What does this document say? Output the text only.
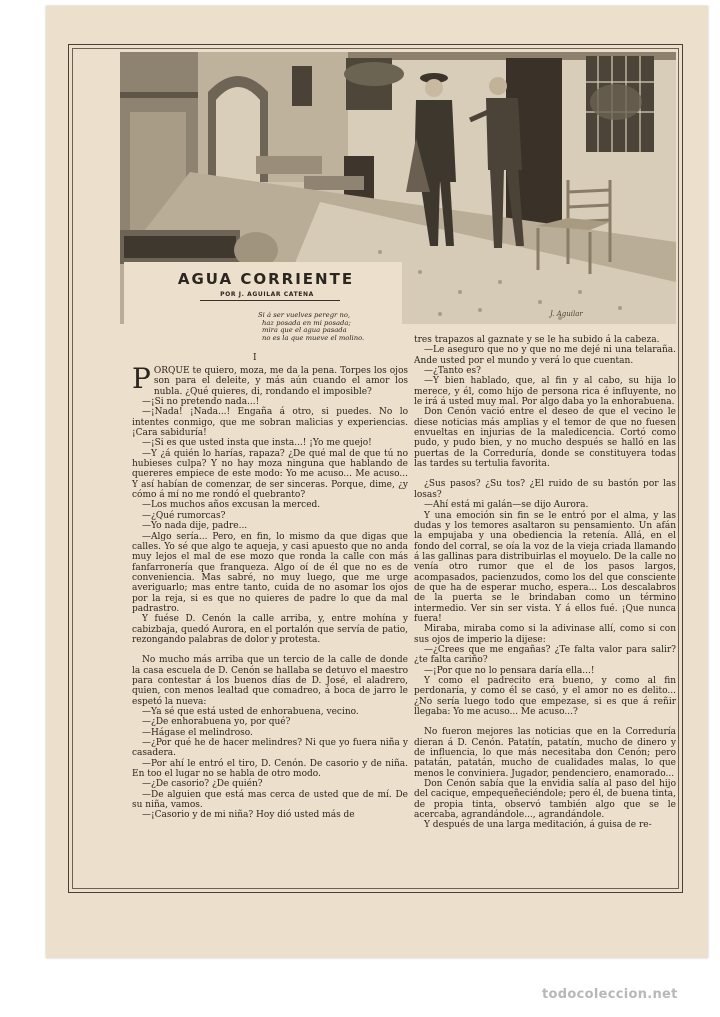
J. Aguilar
AGUA CORRIENTE
POR J. AGUILAR CATENA
Si á ser vuelves peregr no,
haz posada en mi posada;
mira que el agua pasada
no es la que mueve el molino.
I

PORQUE te quiero, moza, me da la pena. Torpes los ojos son para el deleite, y más aún cuando el amor los nubla. ¿Qué quieres, di, rondando el imposible?

—¡Si no pretendo nada...!

—¡Nada! ¡Nada...! Engaña á otro, si puedes. No lo intentes conmigo, que me sobran malicias y experiencias. ¡Cara sabiduría!

—¡Si es que usted insta que insta...! ¡Yo me quejo!

—Y ¿á quién lo harías, rapaza? ¿De qué mal de que tú no hubieses culpa? Y no hay moza ninguna que hablando de quereres empiece de este modo: Yo me acuso... Me acuso... Y así habían de comenzar, de ser sinceras. Porque, dime, ¿y cómo á mí no me rondó el quebranto?

—Los muchos años excusan la merced.

—¿Qué rumorcas?

—Yo nada dije, padre...

—Algo sería... Pero, en fin, lo mismo da que digas que calles. Yo sé que algo te aqueja, y casi apuesto que no anda muy lejos el mal de ese mozo que ronda la calle con más fanfarronería que franqueza. Algo oí de él que no es de conveniencia. Mas sabré, no muy luego, que me urge averiguarlo; mas entre tanto, cuida de no asomar los ojos por la reja, si es que no quieres de padre lo que da mal padrastro.

Y fuése D. Cenón la calle arriba, y, entre mohína y cabizbaja, quedó Aurora, en el portalón que servía de patio, rezongando palabras de dolor y protesta.

No mucho más arriba que un tercio de la calle de donde la casa escuela de D. Cenón se hallaba se detuvo el maestro para contestar á los buenos días de D. José, el aladrero, quien, con menos lealtad que comadreo, á boca de jarro le espetó la nueva:

—Ya sé que está usted de enhorabuena, vecino.

—¿De enhorabuena yo, por qué?

—Hágase el melindroso.

—¿Por qué he de hacer melindres? Ni que yo fuera niña y casadera.

—Por ahí le entró el tiro, D. Cenón. De casorio y de niña. En too el lugar no se habla de otro modo.

—¿De casorio? ¿De quién?

—De alguien que está mas cerca de usted que de mí. De su niña, vamos.

—¡Casorio y de mi niña? Hoy dió usted más de

tres trapazos al gaznate y se le ha subido á la cabeza.

—Le aseguro que no y que no me dejé ni una telaraña. Ande usted por el mundo y verá lo que cuentan.

—¿Tanto es?

—Y bien hablado, que, al fin y al cabo, su hija lo merece, y él, como hijo de persona rica é influyente, no le irá á usted muy mal. Por algo daba yo la enhorabuena.

Don Cenón vació entre el deseo de que el vecino le diese noticias más amplias y el temor de que no fuesen envueltas en injurias de la maledicencia. Cortó como pudo, y pudo bien, y no mucho después se halló en las puertas de la Correduría, donde se constituyera todas las tardes su tertulia favorita.

¿Sus pasos? ¿Su tos? ¿El ruido de su bastón por las losas?

—Ahí está mi galán—se dijo Aurora.

Y una emoción sin fin se le entró por el alma, y las dudas y los temores asaltaron su pensamiento. Un afán la empujaba y una obediencia la retenía. Allá, en el fondo del corral, se oía la voz de la vieja criada llamando á las gallinas para distribuirlas el moyuelo. De la calle no venía otro rumor que el de los pasos largos, acompasados, pacienzudos, como los del que consciente de que ha de esperar mucho, espera... Los descalabros de la puerta se le brindaban como un término intermedio. Ver sin ser vista. Y á ellos fué. ¡Que nunca fuera!

Miraba, miraba como si la adivinase allí, como si con sus ojos de imperio la dijese:

—¿Crees que me engañas? ¿Te falta valor para salir? ¿te falta cariño?

—¡Por que no lo pensara daría ella...!

Y como el padrecito era bueno, y como al fin perdonaría, y como él se casó, y el amor no es delito... ¿No sería luego todo que empezase, si es que á reñir llegaba: Yo me acuso... Me acuso...?

No fueron mejores las noticias que en la Correduría dieran á D. Cenón. Patatín, patatín, mucho de dinero y de influencia, lo que más necesitaba don Cenón; pero patatán, patatán, mucho de cualidades malas, lo que menos le conviniera. Jugador, pendenciero, enamorado...

Don Cenón sabía que la envidia salía al paso del hijo del cacique, empequeñeciéndole; pero él, de buena tinta, de propia tinta, observó también algo que se le acercaba, agrandándole..., agrandándole.

Y después de una larga meditación, á guisa de re-

todocoleccion.net
